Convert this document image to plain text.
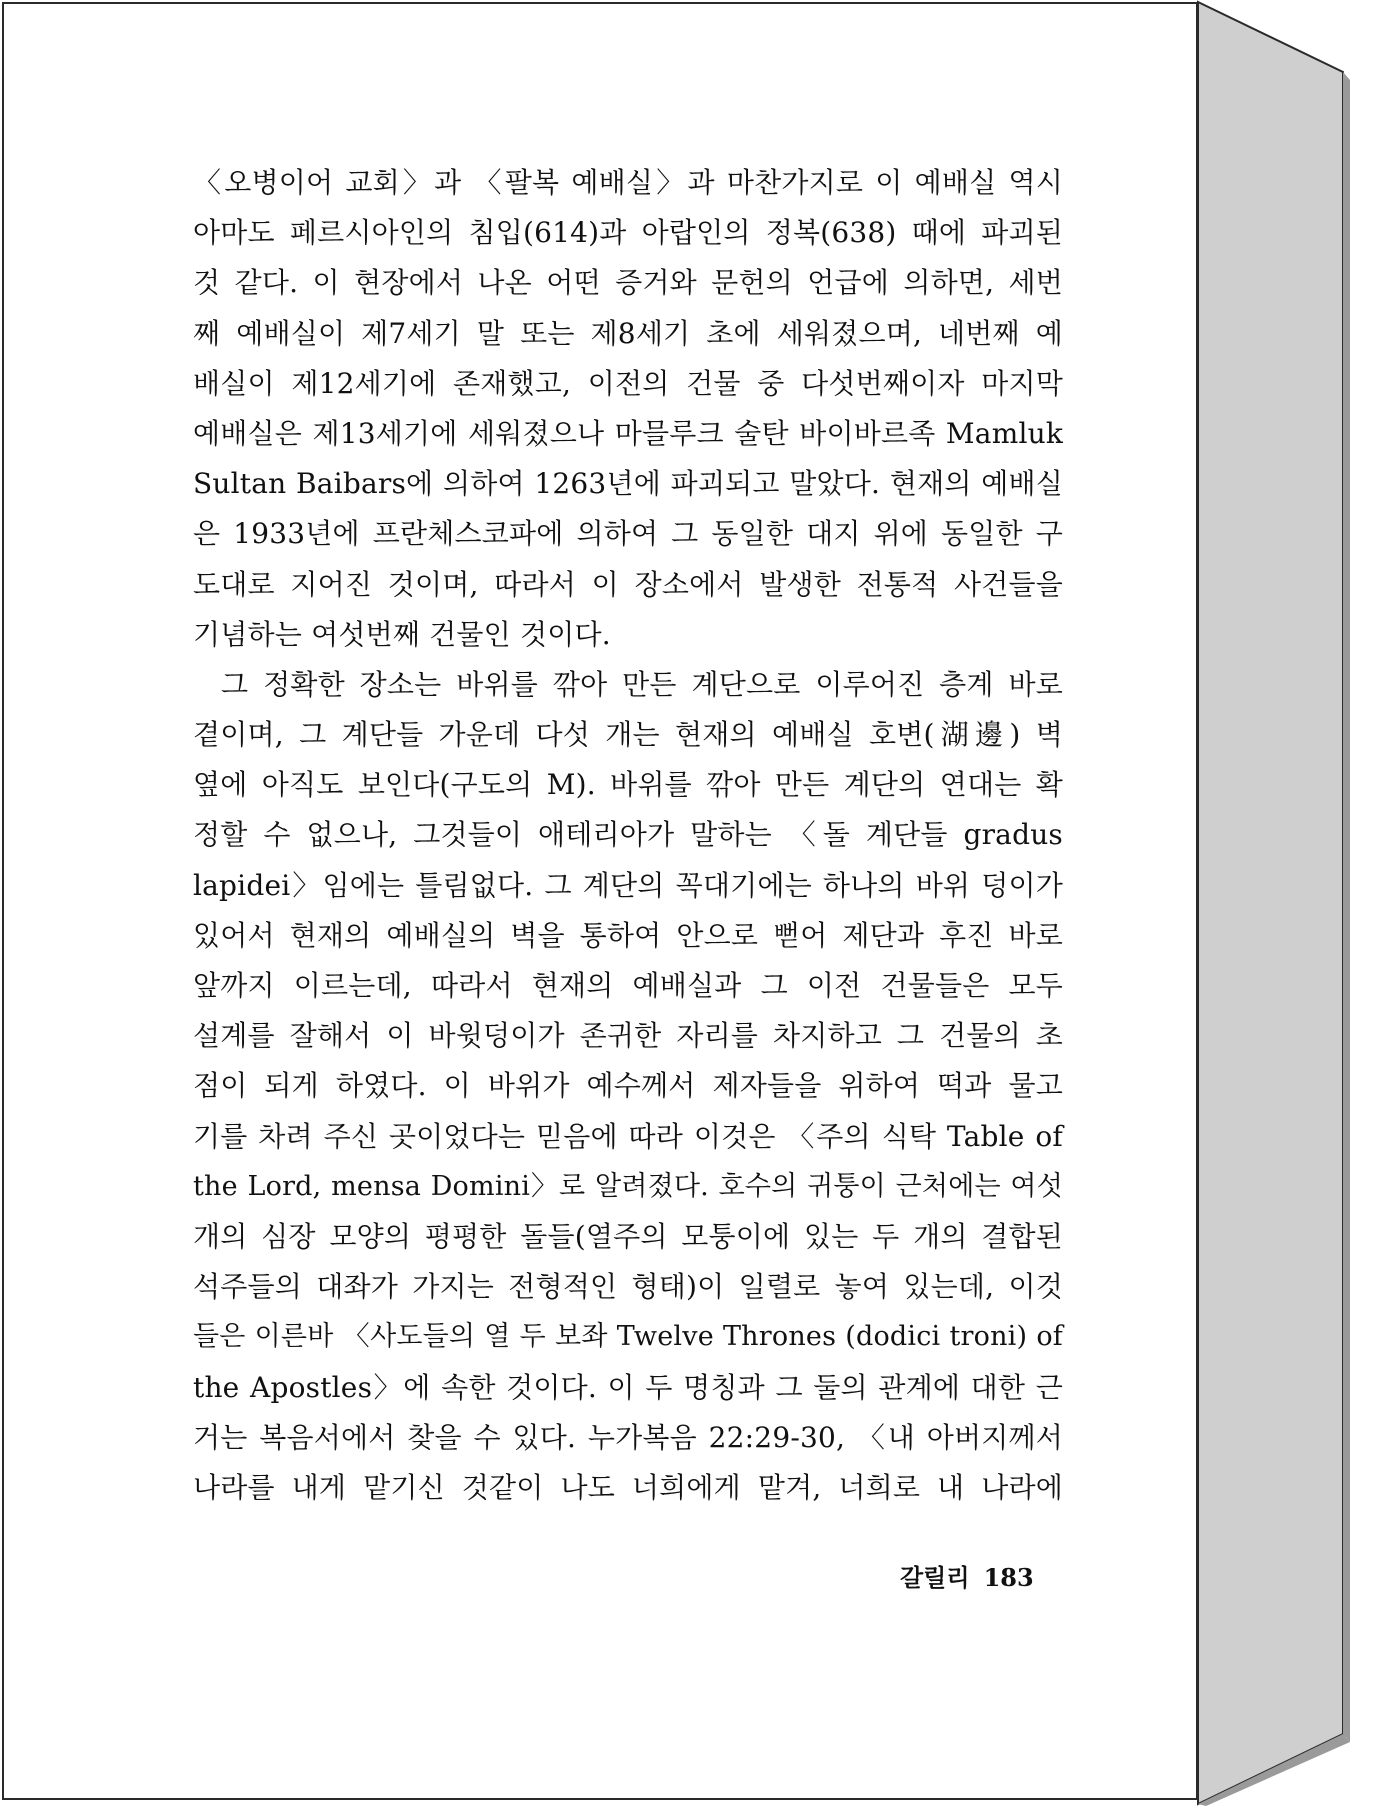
〈오병이어 교회〉과 〈팔복 예배실〉과 마찬가지로 이 예배실 역시
아마도 페르시아인의 침입(614)과 아랍인의 정복(638) 때에 파괴된
것 같다. 이 현장에서 나온 어떤 증거와 문헌의 언급에 의하면, 세번
째 예배실이 제7세기 말 또는 제8세기 초에 세워졌으며, 네번째 예
배실이 제12세기에 존재했고, 이전의 건물 중 다섯번째이자 마지막
예배실은 제13세기에 세워졌으나 마믈루크 술탄 바이바르족 Mamluk
Sultan Baibars에 의하여 1263년에 파괴되고 말았다. 현재의 예배실
은 1933년에 프란체스코파에 의하여 그 동일한 대지 위에 동일한 구
도대로 지어진 것이며, 따라서 이 장소에서 발생한 전통적 사건들을
기념하는 여섯번째 건물인 것이다.
그 정확한 장소는 바위를 깎아 만든 계단으로 이루어진 층계 바로
곁이며, 그 계단들 가운데 다섯 개는 현재의 예배실 호변(湖邊) 벽
옆에 아직도 보인다(구도의 M). 바위를 깎아 만든 계단의 연대는 확
정할 수 없으나, 그것들이 애테리아가 말하는 〈돌 계단들 gradus
lapidei〉임에는 틀림없다. 그 계단의 꼭대기에는 하나의 바위 덩이가
있어서 현재의 예배실의 벽을 통하여 안으로 뻗어 제단과 후진 바로
앞까지 이르는데, 따라서 현재의 예배실과 그 이전 건물들은 모두
설계를 잘해서 이 바윗덩이가 존귀한 자리를 차지하고 그 건물의 초
점이 되게 하였다. 이 바위가 예수께서 제자들을 위하여 떡과 물고
기를 차려 주신 곳이었다는 믿음에 따라 이것은 〈주의 식탁 Table of
the Lord, mensa Domini〉로 알려졌다. 호수의 귀퉁이 근처에는 여섯
개의 심장 모양의 평평한 돌들(열주의 모퉁이에 있는 두 개의 결합된
석주들의 대좌가 가지는 전형적인 형태)이 일렬로 놓여 있는데, 이것
들은 이른바 〈사도들의 열 두 보좌 Twelve Thrones (dodici troni) of
the Apostles〉에 속한 것이다. 이 두 명칭과 그 둘의 관계에 대한 근
거는 복음서에서 찾을 수 있다. 누가복음 22:29-30, 〈내 아버지께서
나라를 내게 맡기신 것같이 나도 너희에게 맡겨, 너희로 내 나라에
갈릴리 183
